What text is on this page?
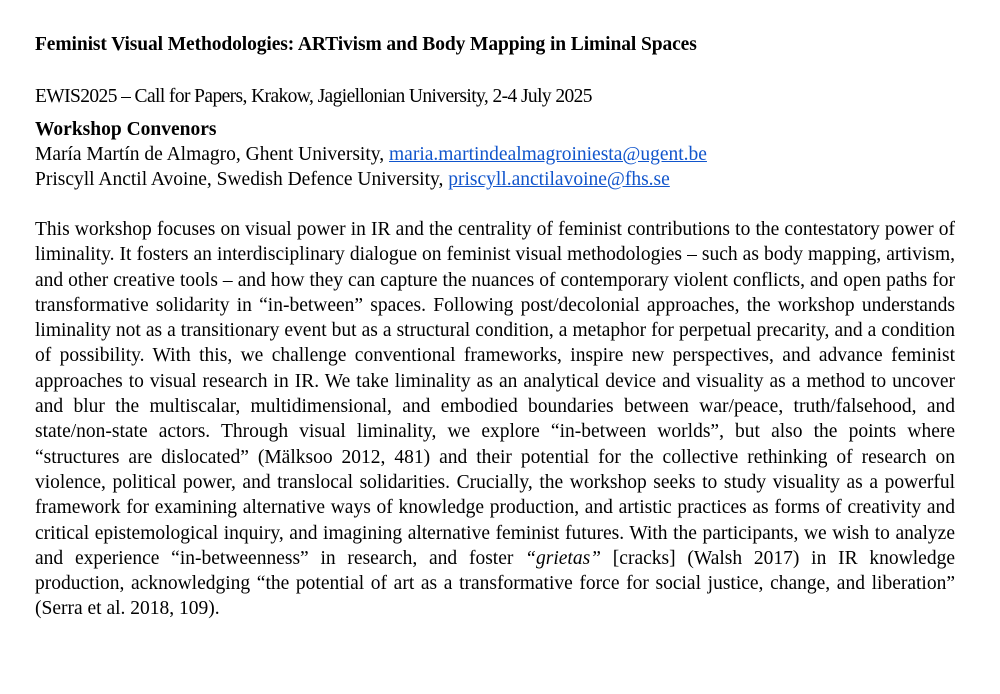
Feminist Visual Methodologies: ARTivism and Body Mapping in Liminal Spaces
EWIS2025 – Call for Papers, Krakow, Jagiellonian University, 2-4 July 2025
Workshop Convenors
María Martín de Almagro, Ghent University, maria.martindealmagroiniesta@ugent.be
Priscyll Anctil Avoine, Swedish Defence University, priscyll.anctilavoine@fhs.se
This workshop focuses on visual power in IR and the centrality of feminist contributions to the contestatory power of liminality. It fosters an interdisciplinary dialogue on feminist visual methodologies – such as body mapping, artivism, and other creative tools – and how they can capture the nuances of contemporary violent conflicts, and open paths for transformative solidarity in “in-between” spaces. Following post/decolonial approaches, the workshop understands liminality not as a transitionary event but as a structural condition, a metaphor for perpetual precarity, and a condition of possibility. With this, we challenge conventional frameworks, inspire new perspectives, and advance feminist approaches to visual research in IR. We take liminality as an analytical device and visuality as a method to uncover and blur the multiscalar, multidimensional, and embodied boundaries between war/peace, truth/falsehood, and state/non-state actors. Through visual liminality, we explore “in-between worlds”, but also the points where “structures are dislocated” (Mälksoo 2012, 481) and their potential for the collective rethinking of research on violence, political power, and translocal solidarities. Crucially, the workshop seeks to study visuality as a powerful framework for examining alternative ways of knowledge production, and artistic practices as forms of creativity and critical epistemological inquiry, and imagining alternative feminist futures. With the participants, we wish to analyze and experience “in-betweenness” in research, and foster “grietas” [cracks] (Walsh 2017) in IR knowledge production, acknowledging “the potential of art as a transformative force for social justice, change, and liberation” (Serra et al. 2018, 109).
